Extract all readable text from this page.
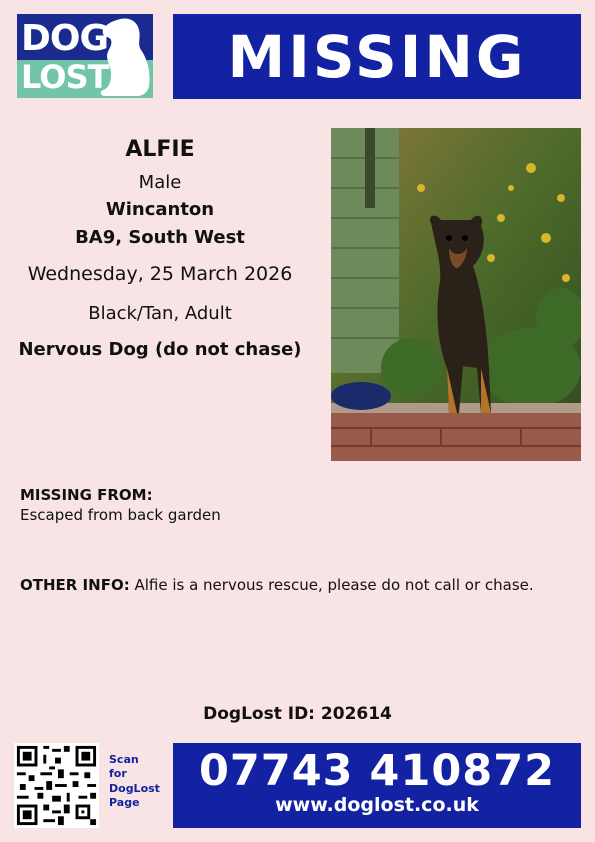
DOG
LOST	MISSING
ALFIE
Male
Wincanton
BA9, South West
Wednesday, 25 March 2026
Black/Tan, Adult
Nervous Dog (do not chase)
MISSING FROM:
Escaped from back garden
OTHER INFO: Alfie is a nervous rescue, please do not call or chase.
DogLost ID: 202614
Scan
for
DogLost
Page
07743 410872
www.doglost.co.uk
